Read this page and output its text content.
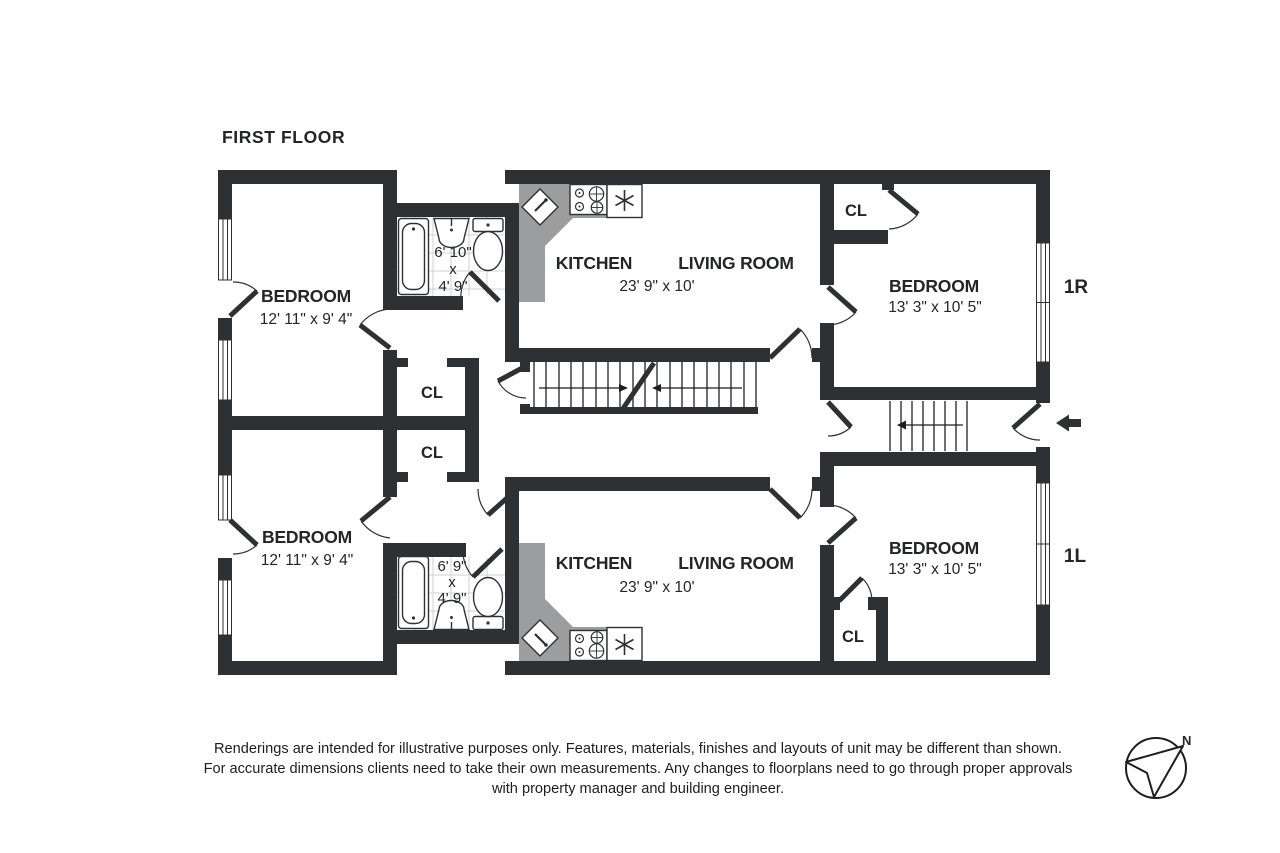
N
FIRST FLOOR
BEDROOM
12' 11" x 9' 4"
BEDROOM
12' 11" x 9' 4"
KITCHEN	LIVING ROOM
23' 9" x 10'
KITCHEN	LIVING ROOM
23' 9" x 10'
BEDROOM
13' 3" x 10' 5"
BEDROOM
13' 3" x 10' 5"
6' 10"
x
4' 9"
6' 9"
x
4' 9"
CL
CL
CL
CL
1R
1L
Renderings are intended for illustrative purposes only. Features, materials, finishes and layouts of unit may be different than shown.
For accurate dimensions clients need to take their own measurements. Any changes to floorplans need to go through proper approvals
with property manager and building engineer.
